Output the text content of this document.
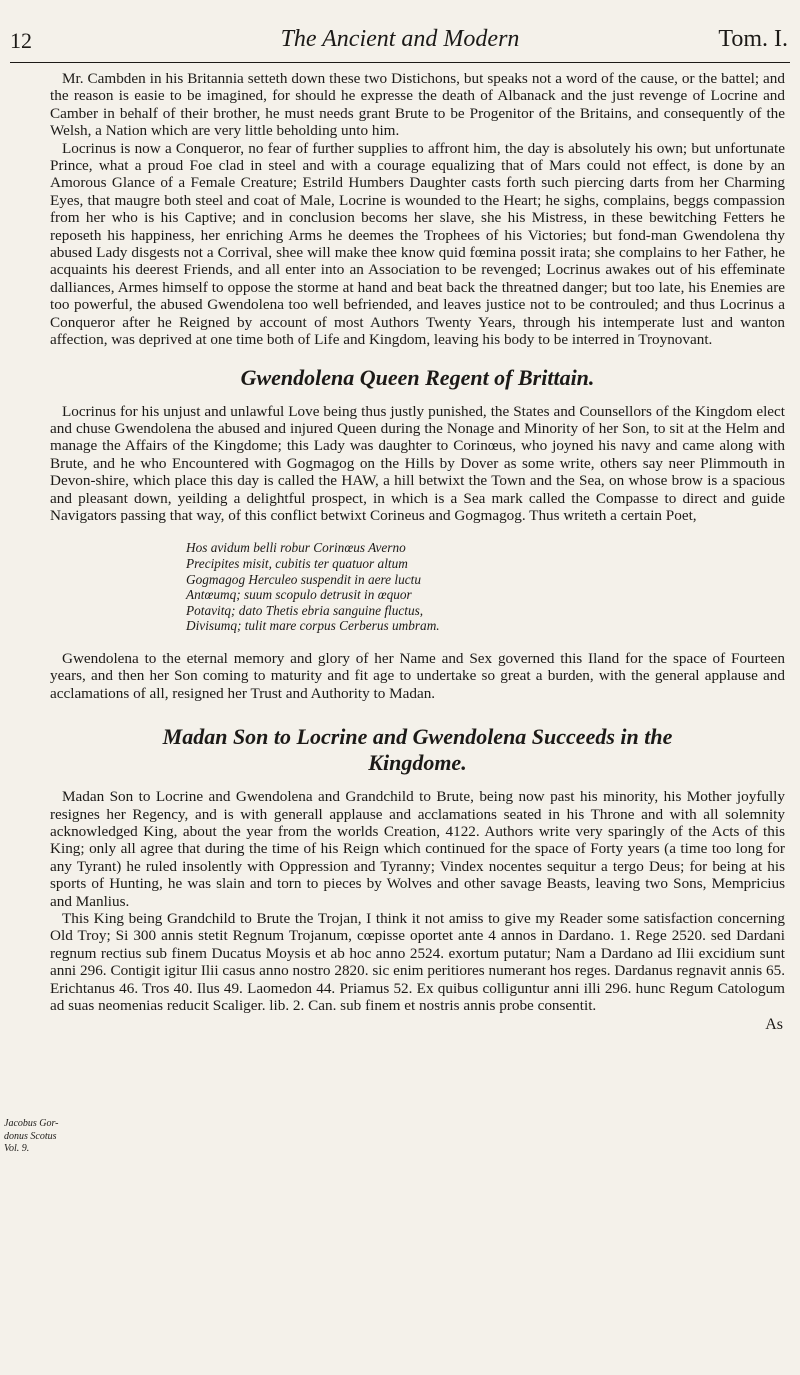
12	The Ancient and Modern	Tom. I.

Mr. Cambden in his Britannia setteth down these two Distichons, but speaks not a word of the cause, or the battel; and the reason is easie to be imagined, for should he expresse the death of Albanack and the just revenge of Locrine and Camber in behalf of their brother, he must needs grant Brute to be Progenitor of the Britains, and consequently of the Welsh, a Nation which are very little beholding unto him.

Locrinus is now a Conqueror, no fear of further supplies to affront him, the day is absolutely his own; but unfortunate Prince, what a proud Foe clad in steel and with a courage equalizing that of Mars could not effect, is done by an Amorous Glance of a Female Creature; Estrild Humbers Daughter casts forth such piercing darts from her Charming Eyes, that maugre both steel and coat of Male, Locrine is wounded to the Heart; he sighs, complains, beggs compassion from her who is his Captive; and in conclusion becoms her slave, she his Mistress, in these bewitching Fetters he reposeth his happiness, her enriching Arms he deemes the Trophees of his Victories; but fond-man Gwendolena thy abused Lady disgests not a Corrival, shee will make thee know quid fœmina possit irata; she complains to her Father, he acquaints his deerest Friends, and all enter into an Association to be revenged; Locrinus awakes out of his effeminate dalliances, Armes himself to oppose the storme at hand and beat back the threatned danger; but too late, his Enemies are too powerful, the abused Gwendolena too well befriended, and leaves justice not to be controuled; and thus Locrinus a Conqueror after he Reigned by account of most Authors Twenty Years, through his intemperate lust and wanton affection, was deprived at one time both of Life and Kingdom, leaving his body to be interred in Troynovant.

Gwendolena Queen Regent of Brittain.

Locrinus for his unjust and unlawful Love being thus justly punished, the States and Counsellors of the Kingdom elect and chuse Gwendolena the abused and injured Queen during the Nonage and Minority of her Son, to sit at the Helm and manage the Affairs of the Kingdome; this Lady was daughter to Corinœus, who joyned his navy and came along with Brute, and he who Encountered with Gogmagog on the Hills by Dover as some write, others say neer Plimmouth in Devon-shire, which place this day is called the HAW, a hill betwixt the Town and the Sea, on whose brow is a spacious and pleasant down, yeilding a delightful prospect, in which is a Sea mark called the Compasse to direct and guide Navigators passing that way, of this conflict betwixt Corineus and Gogmagog. Thus writeth a certain Poet,

Hos avidum belli robur Corinœus Averno
Precipites misit, cubitis ter quatuor altum
Gogmagog Herculeo suspendit in aere luctu
Antœumq; suum scopulo detrusit in œquor
Potavitq; dato Thetis ebria sanguine fluctus,
Divisumq; tulit mare corpus Cerberus umbram.

Gwendolena to the eternal memory and glory of her Name and Sex governed this Iland for the space of Fourteen years, and then her Son coming to maturity and fit age to undertake so great a burden, with the general applause and acclamations of all, resigned her Trust and Authority to Madan.

Madan Son to Locrine and Gwendolena Succeeds in the
Kingdome.

Madan Son to Locrine and Gwendolena and Grandchild to Brute, being now past his minority, his Mother joyfully resignes her Regency, and is with generall applause and acclamations seated in his Throne and with all solemnity acknowledged King, about the year from the worlds Creation, 4122. Authors write very sparingly of the Acts of this King; only all agree that during the time of his Reign which continued for the space of Forty years (a time too long for any Tyrant) he ruled insolently with Oppression and Tyranny; Vindex nocentes sequitur a tergo Deus; for being at his sports of Hunting, he was slain and torn to pieces by Wolves and other savage Beasts, leaving two Sons, Mempricius and Manlius.

This King being Grandchild to Brute the Trojan, I think it not amiss to give my Reader some satisfaction concerning Old Troy; Si 300 annis stetit Regnum Trojanum, cœpisse oportet ante 4 annos in Dardano. 1. Rege 2520. sed Dardani regnum rectius sub finem Ducatus Moysis et ab hoc anno 2524. exortum putatur; Nam a Dardano ad Ilii excidium sunt anni 296. Contigit igitur Ilii casus anno nostro 2820. sic enim peritiores numerant hos reges. Dardanus regnavit annis 65. Erichtanus 46. Tros 40. Ilus 49. Laomedon 44. Priamus 52. Ex quibus colliguntur anni illi 296. hunc Regum Catologum ad suas neomenias reducit Scaliger. lib. 2. Can. sub finem et nostris annis probe consentit.

As
Jacobus Gor-
donus Scotus
Vol. 9.
